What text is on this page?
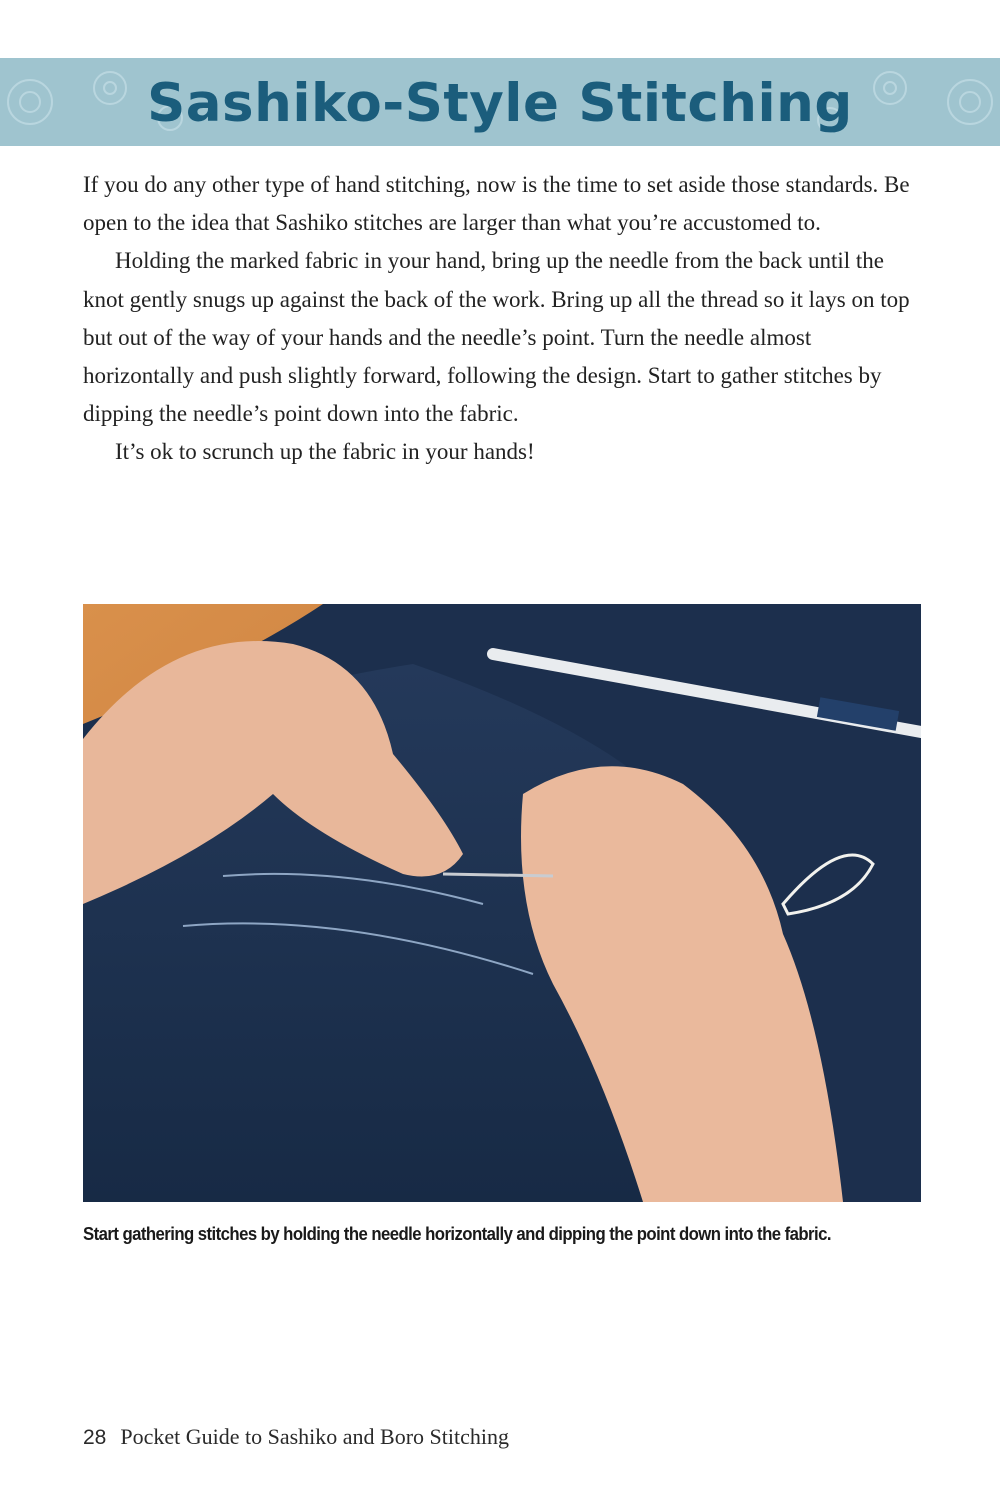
Sashiko-Style Stitching

If you do any other type of hand stitching, now is the time to set aside those standards. Be open to the idea that Sashiko stitches are larger than what you’re accustomed to.

Holding the marked fabric in your hand, bring up the needle from the back until the knot gently snugs up against the back of the work. Bring up all the thread so it lays on top but out of the way of your hands and the needle’s point. Turn the needle almost horizontally and push slightly forward, following the design. Start to gather stitches by dipping the needle’s point down into the fabric.

It’s ok to scrunch up the fabric in your hands!

Start gathering stitches by holding the needle horizontally and dipping the point down into the fabric.
28 Pocket Guide to Sashiko and Boro Stitching
